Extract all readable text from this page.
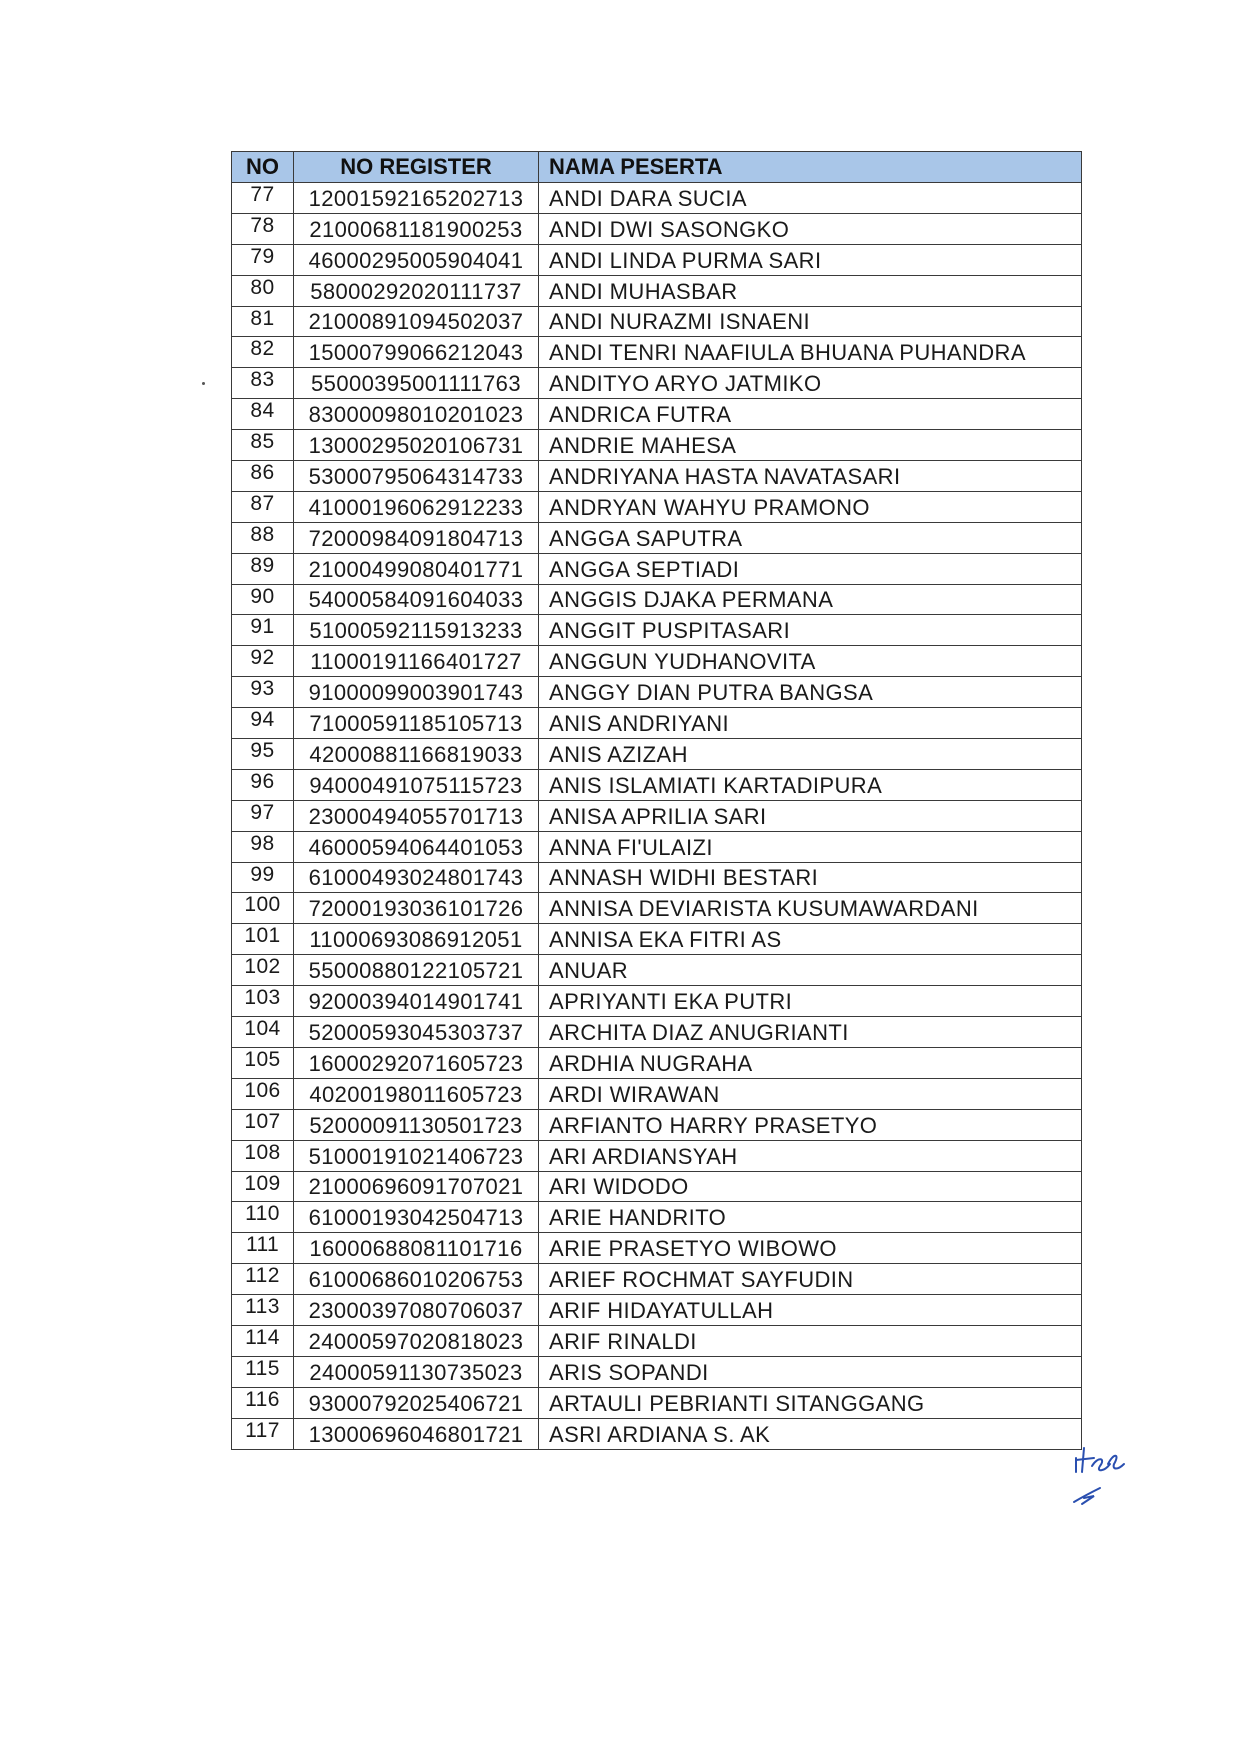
NO	NO REGISTER	NAMA PESERTA
77	12001592165202713	ANDI DARA SUCIA
78	21000681181900253	ANDI DWI SASONGKO
79	46000295005904041	ANDI LINDA PURMA SARI
80	58000292020111737	ANDI MUHASBAR
81	21000891094502037	ANDI NURAZMI ISNAENI
82	15000799066212043	ANDI TENRI NAAFIULA BHUANA PUHANDRA
83	55000395001111763	ANDITYO ARYO JATMIKO
84	83000098010201023	ANDRICA FUTRA
85	13000295020106731	ANDRIE MAHESA
86	53000795064314733	ANDRIYANA HASTA NAVATASARI
87	41000196062912233	ANDRYAN WAHYU PRAMONO
88	72000984091804713	ANGGA SAPUTRA
89	21000499080401771	ANGGA SEPTIADI
90	54000584091604033	ANGGIS DJAKA PERMANA
91	51000592115913233	ANGGIT PUSPITASARI
92	11000191166401727	ANGGUN YUDHANOVITA
93	91000099003901743	ANGGY DIAN PUTRA BANGSA
94	71000591185105713	ANIS ANDRIYANI
95	42000881166819033	ANIS AZIZAH
96	94000491075115723	ANIS ISLAMIATI KARTADIPURA
97	23000494055701713	ANISA APRILIA SARI
98	46000594064401053	ANNA FI'ULAIZI
99	61000493024801743	ANNASH WIDHI BESTARI
100	72000193036101726	ANNISA DEVIARISTA KUSUMAWARDANI
101	11000693086912051	ANNISA EKA FITRI AS
102	55000880122105721	ANUAR
103	92000394014901741	APRIYANTI EKA PUTRI
104	52000593045303737	ARCHITA DIAZ ANUGRIANTI
105	16000292071605723	ARDHIA NUGRAHA
106	40200198011605723	ARDI WIRAWAN
107	52000091130501723	ARFIANTO HARRY PRASETYO
108	51000191021406723	ARI ARDIANSYAH
109	21000696091707021	ARI WIDODO
110	61000193042504713	ARIE HANDRITO
111	16000688081101716	ARIE PRASETYO WIBOWO
112	61000686010206753	ARIEF ROCHMAT SAYFUDIN
113	23000397080706037	ARIF HIDAYATULLAH
114	24000597020818023	ARIF RINALDI
115	24000591130735023	ARIS SOPANDI
116	93000792025406721	ARTAULI PEBRIANTI SITANGGANG
117	13000696046801721	ASRI ARDIANA S. AK
